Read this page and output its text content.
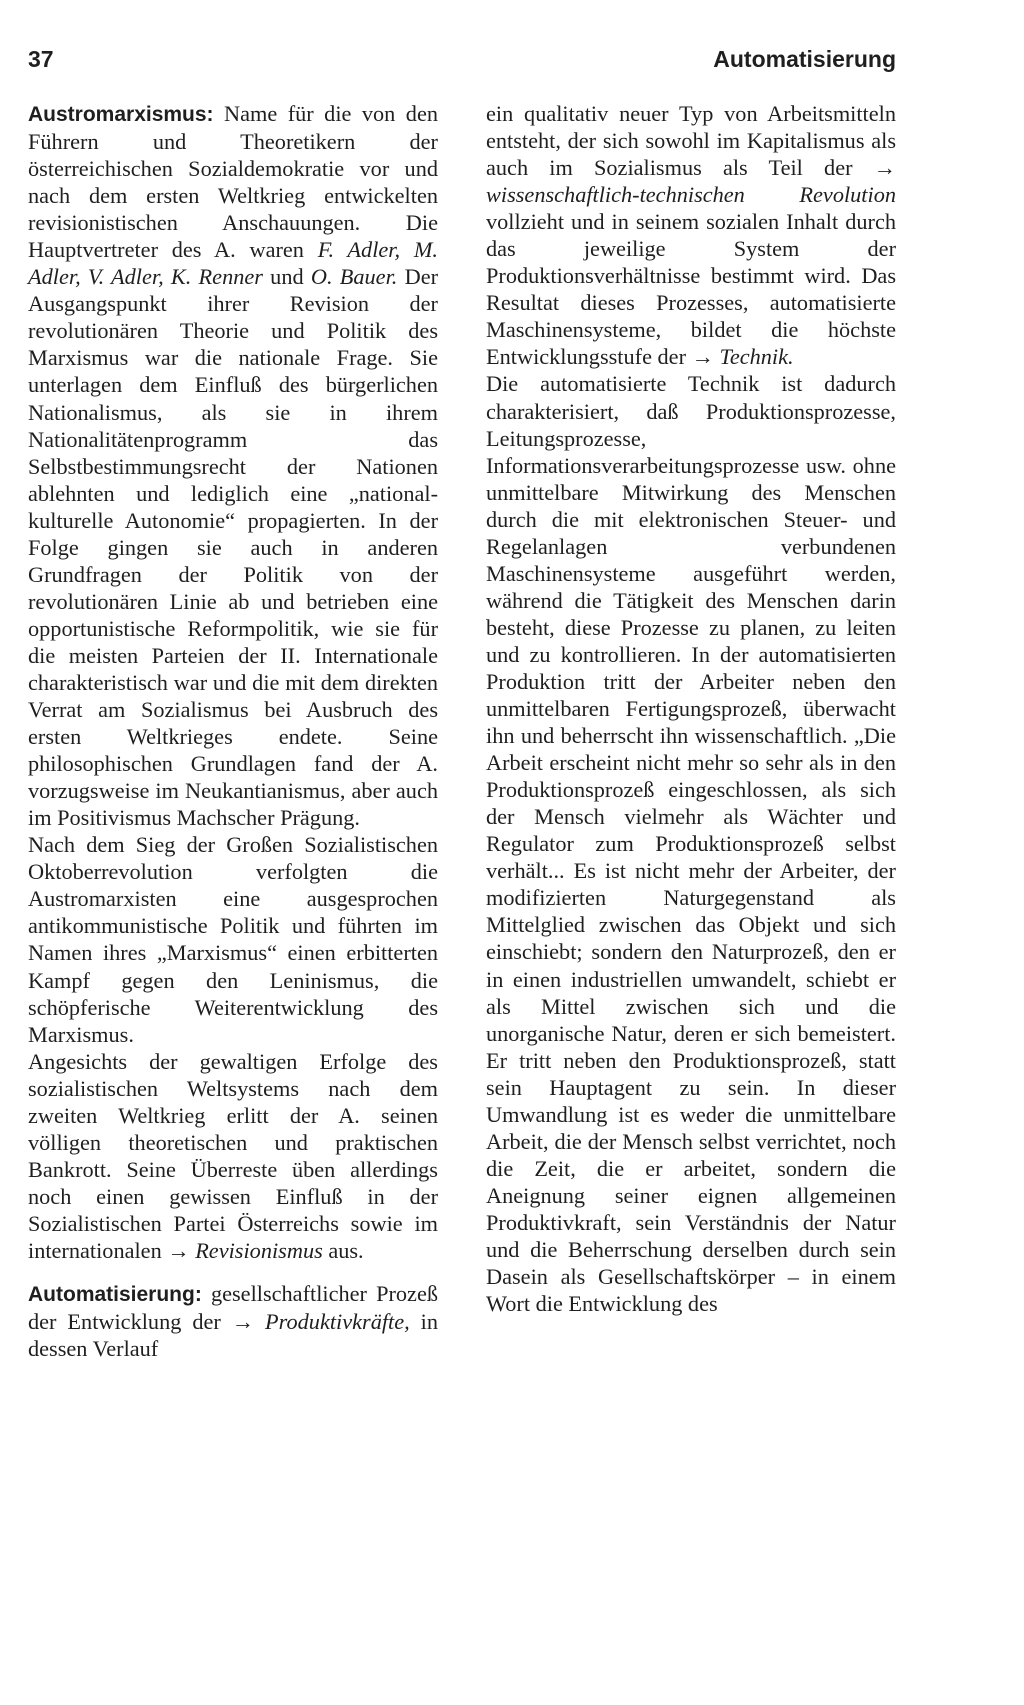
37	Automatisierung

Austromarxismus: Name für die von den Führern und Theoretikern der österreichischen Sozialdemokratie vor und nach dem ersten Weltkrieg entwickelten revisionistischen Anschauungen. Die Hauptvertreter des A. waren F. Adler, M. Adler, V. Adler, K. Renner und O. Bauer. Der Ausgangspunkt ihrer Revision der revolutionären Theorie und Politik des Marxismus war die nationale Frage. Sie unterlagen dem Einfluß des bürgerlichen Nationalismus, als sie in ihrem Nationalitätenprogramm das Selbstbestimmungsrecht der Nationen ablehnten und lediglich eine „national-kulturelle Autonomie“ propagierten. In der Folge gingen sie auch in anderen Grundfragen der Politik von der revolutionären Linie ab und betrieben eine opportunistische Reformpolitik, wie sie für die meisten Parteien der II. Internationale charakteristisch war und die mit dem direkten Verrat am Sozialismus bei Ausbruch des ersten Weltkrieges endete. Seine philosophischen Grundlagen fand der A. vorzugsweise im Neukantianismus, aber auch im Positivismus Machscher Prägung.

Nach dem Sieg der Großen Sozialistischen Oktoberrevolution verfolgten die Austromarxisten eine ausgesprochen antikommunistische Politik und führten im Namen ihres „Marxismus“ einen erbitterten Kampf gegen den Leninismus, die schöpferische Weiterentwicklung des Marxismus.

Angesichts der gewaltigen Erfolge des sozialistischen Weltsystems nach dem zweiten Weltkrieg erlitt der A. seinen völligen theoretischen und praktischen Bankrott. Seine Überreste üben allerdings noch einen gewissen Einfluß in der Sozialistischen Partei Österreichs sowie im internationalen → Revisionismus aus.

Automatisierung: gesellschaftlicher Prozeß der Entwicklung der → Produktivkräfte, in dessen Verlauf

ein qualitativ neuer Typ von Arbeitsmitteln entsteht, der sich sowohl im Kapitalismus als auch im Sozialismus als Teil der → wissenschaftlich-technischen Revolution vollzieht und in seinem sozialen Inhalt durch das jeweilige System der Produktionsverhältnisse bestimmt wird. Das Resultat dieses Prozesses, automatisierte Maschinensysteme, bildet die höchste Entwicklungsstufe der → Technik.

Die automatisierte Technik ist dadurch charakterisiert, daß Produktionsprozesse, Leitungsprozesse, Informationsverarbeitungsprozesse usw. ohne unmittelbare Mitwirkung des Menschen durch die mit elektronischen Steuer- und Regelanlagen verbundenen Maschinensysteme ausgeführt werden, während die Tätigkeit des Menschen darin besteht, diese Prozesse zu planen, zu leiten und zu kontrollieren. In der automatisierten Produktion tritt der Arbeiter neben den unmittelbaren Fertigungsprozeß, überwacht ihn und beherrscht ihn wissenschaftlich. „Die Arbeit erscheint nicht mehr so sehr als in den Produktionsprozeß eingeschlossen, als sich der Mensch vielmehr als Wächter und Regulator zum Produktionsprozeß selbst verhält... Es ist nicht mehr der Arbeiter, der modifizierten Naturgegenstand als Mittelglied zwischen das Objekt und sich einschiebt; sondern den Naturprozeß, den er in einen industriellen umwandelt, schiebt er als Mittel zwischen sich und die unorganische Natur, deren er sich bemeistert. Er tritt neben den Produktionsprozeß, statt sein Hauptagent zu sein. In dieser Umwandlung ist es weder die unmittelbare Arbeit, die der Mensch selbst verrichtet, noch die Zeit, die er arbeitet, sondern die Aneignung seiner eignen allgemeinen Produktivkraft, sein Verständnis der Natur und die Beherrschung derselben durch sein Dasein als Gesellschaftskörper – in einem Wort die Entwicklung des
